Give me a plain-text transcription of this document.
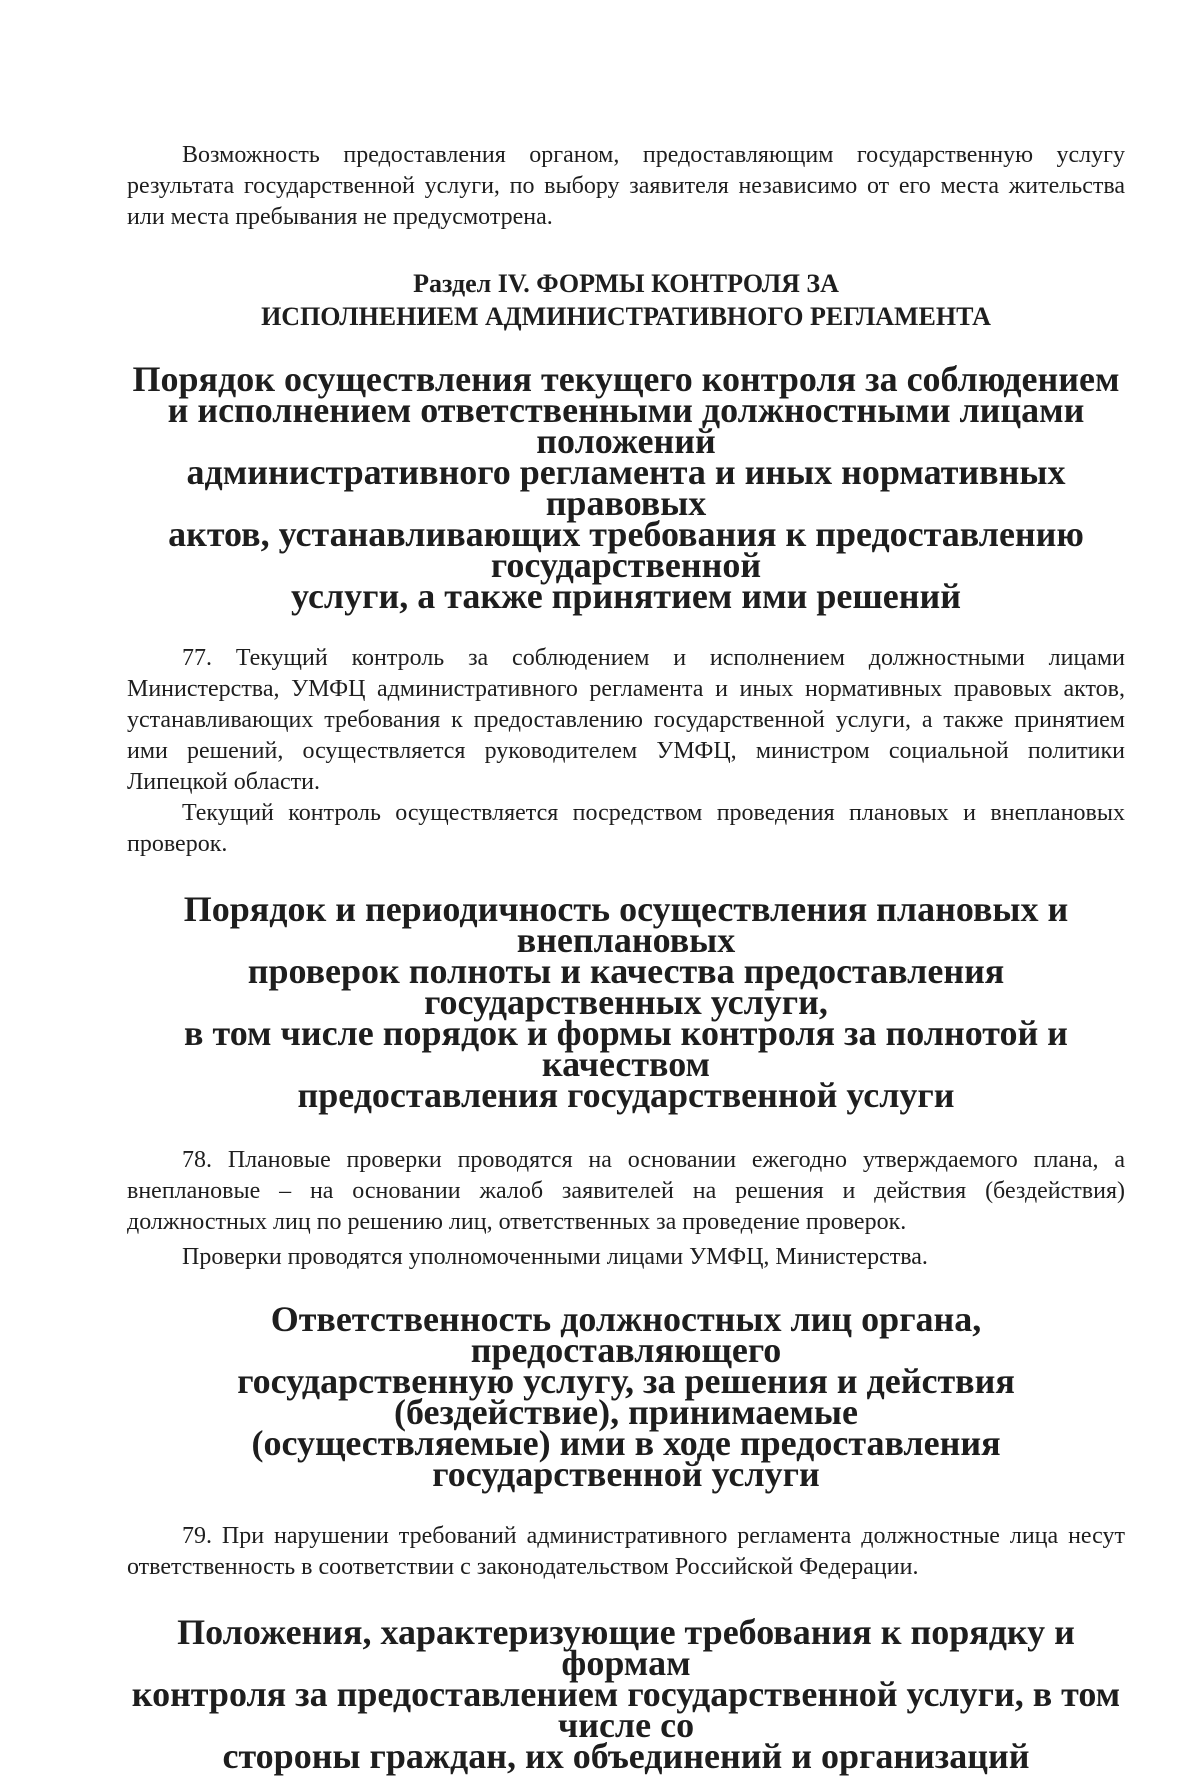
Возможность предоставления органом, предоставляющим государственную услугу результата государственной услуги, по выбору заявителя независимо от его места жительства или места пребывания не предусмотрена.

Раздел IV. ФОРМЫ КОНТРОЛЯ ЗА
ИСПОЛНЕНИЕМ АДМИНИСТРАТИВНОГО РЕГЛАМЕНТА
Порядок осуществления текущего контроля за соблюдением
и исполнением ответственными должностными лицами положений
административного регламента и иных нормативных правовых
актов, устанавливающих требования к предоставлению государственной
услуги, а также принятием ими решений

77. Текущий контроль за соблюдением и исполнением должностными лицами Министерства, УМФЦ административного регламента и иных нормативных правовых актов, устанавливающих требования к предоставлению государственной услуги, а также принятием ими решений, осуществляется руководителем УМФЦ, министром социальной политики Липецкой области.

Текущий контроль осуществляется посредством проведения плановых и внеплановых проверок.

Порядок и периодичность осуществления плановых и внеплановых
проверок полноты и качества предоставления государственных услуги,
в том числе порядок и формы контроля за полнотой и качеством
предоставления государственной услуги

78. Плановые проверки проводятся на основании ежегодно утверждаемого плана, а внеплановые – на основании жалоб заявителей на решения и действия (бездействия) должностных лиц по решению лиц, ответственных за проведение проверок.

Проверки проводятся уполномоченными лицами УМФЦ, Министерства.

Ответственность должностных лиц органа, предоставляющего
государственную услугу, за решения и действия (бездействие), принимаемые
(осуществляемые) ими в ходе предоставления государственной услуги

79. При нарушении требований административного регламента должностные лица несут ответственность в соответствии с законодательством Российской Федерации.

Положения, характеризующие требования к порядку и формам
контроля за предоставлением государственной услуги, в том числе со
стороны граждан, их объединений и организаций
